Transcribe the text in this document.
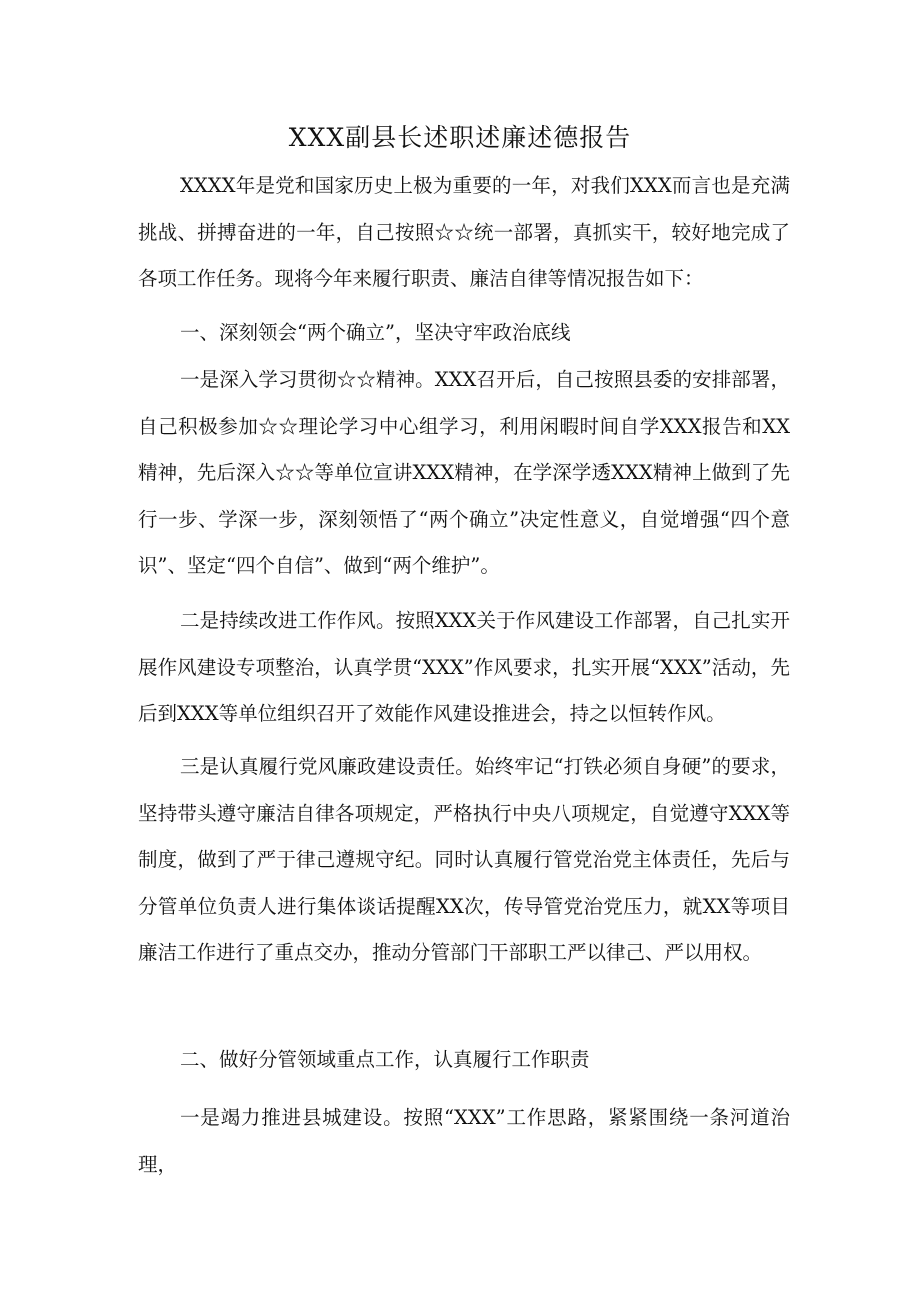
XXX副县长述职述廉述德报告

XXXX年是党和国家历史上极为重要的一年，对我们XXX而言也是充满挑战、拼搏奋进的一年，自己按照☆☆统一部署，真抓实干，较好地完成了各项工作任务。现将今年来履行职责、廉洁自律等情况报告如下：

一、深刻领会“两个确立”，坚决守牢政治底线

一是深入学习贯彻☆☆精神。XXX召开后，自己按照县委的安排部署，自己积极参加☆☆理论学习中心组学习，利用闲暇时间自学XXX报告和XX精神，先后深入☆☆等单位宣讲XXX精神，在学深学透XXX精神上做到了先行一步、学深一步，深刻领悟了“两个确立”决定性意义，自觉增强“四个意识”、坚定“四个自信”、做到“两个维护”。

二是持续改进工作作风。按照XXX关于作风建设工作部署，自己扎实开展作风建设专项整治，认真学贯“XXX”作风要求，扎实开展“XXX”活动，先后到XXX等单位组织召开了效能作风建设推进会，持之以恒转作风。

三是认真履行党风廉政建设责任。始终牢记“打铁必须自身硬”的要求，坚持带头遵守廉洁自律各项规定，严格执行中央八项规定，自觉遵守XXX等制度，做到了严于律己遵规守纪。同时认真履行管党治党主体责任，先后与分管单位负责人进行集体谈话提醒XX次，传导管党治党压力，就XX等项目廉洁工作进行了重点交办，推动分管部门干部职工严以律己、严以用权。

二、做好分管领域重点工作，认真履行工作职责

一是竭力推进县城建设。按照“XXX”工作思路，紧紧围绕一条河道治理，
